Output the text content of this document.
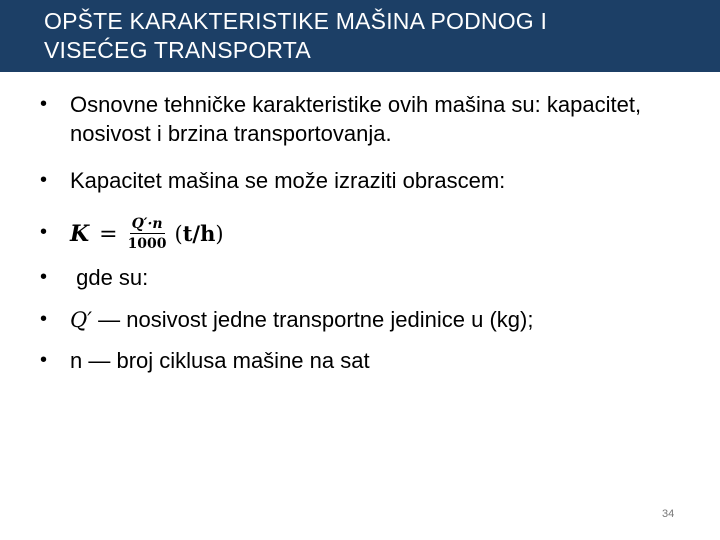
OPŠTE KARAKTERISTIKE MAŠINA PODNOG I
VISEĆEG TRANSPORTA
•	Osnovne tehničke karakteristike ovih mašina su: kapacitet, nosivost i brzina transportovanja.
•	Kapacitet mašina se može izraziti obrascem:
•	$K = \frac{Q'\cdot n}{1000} (t/h)$
•	gde su:
•	Q′ — nosivost jedne transportne jedinice u (kg);
•	n — broj ciklusa mašine na sat
34
